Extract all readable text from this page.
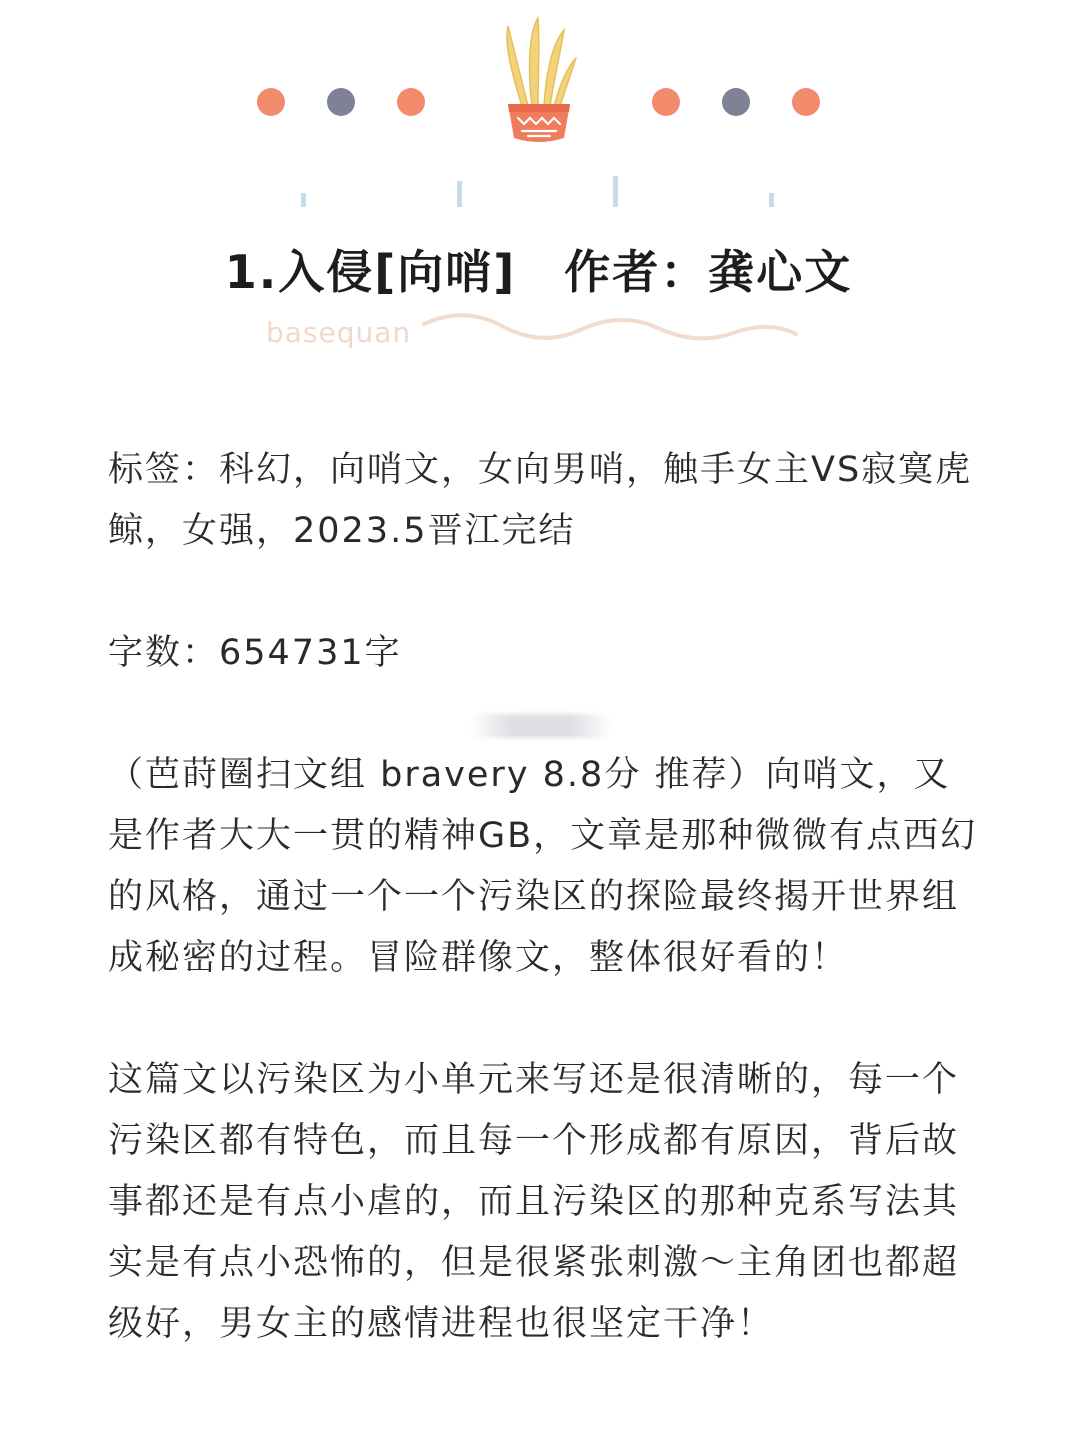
1.入侵[向哨]　作者：龚心文
basequan

标签：科幻，向哨文，女向男哨，触手女主VS寂寞虎鲸，女强，2023.5晋江完结

字数：654731字

（芭莳圈扫文组 bravery 8.8分 推荐）向哨文，又是作者大大一贯的精神GB，文章是那种微微有点西幻的风格，通过一个一个污染区的探险最终揭开世界组成秘密的过程。冒险群像文，整体很好看的！

这篇文以污染区为小单元来写还是很清晰的，每一个污染区都有特色，而且每一个形成都有原因，背后故事都还是有点小虐的，而且污染区的那种克系写法其实是有点小恐怖的，但是很紧张刺激～主角团也都超级好，男女主的感情进程也很坚定干净！
